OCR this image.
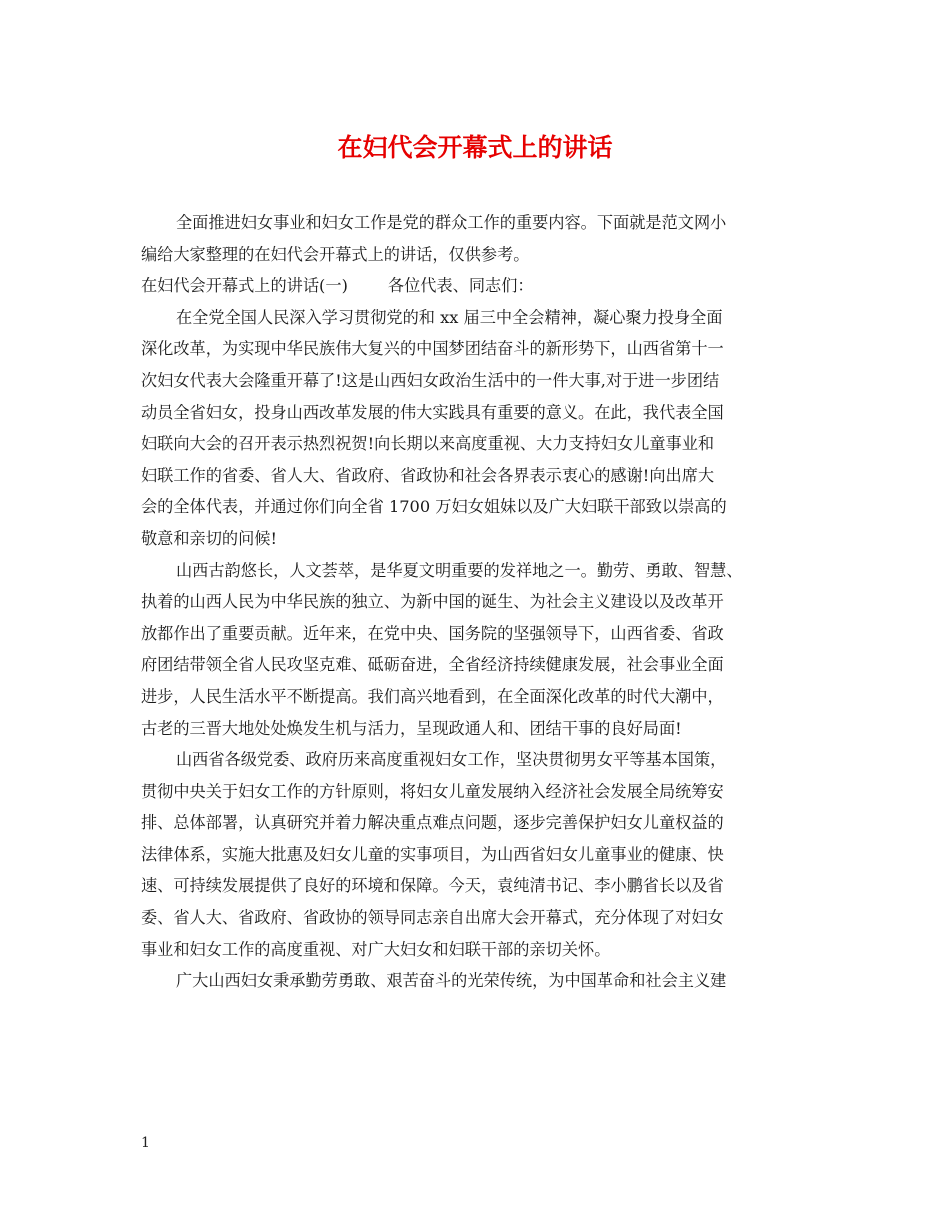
在妇代会开幕式上的讲话
全面推进妇女事业和妇女工作是党的群众工作的重要内容。下面就是范文网小
编给大家整理的在妇代会开幕式上的讲话，仅供参考。
在妇代会开幕式上的讲话(一) 各位代表、同志们：
在全党全国人民深入学习贯彻党的和 xx 届三中全会精神，凝心聚力投身全面
深化改革，为实现中华民族伟大复兴的中国梦团结奋斗的新形势下，山西省第十一
次妇女代表大会隆重开幕了!这是山西妇女政治生活中的一件大事,对于进一步团结
动员全省妇女，投身山西改革发展的伟大实践具有重要的意义。在此，我代表全国
妇联向大会的召开表示热烈祝贺!向长期以来高度重视、大力支持妇女儿童事业和
妇联工作的省委、省人大、省政府、省政协和社会各界表示衷心的感谢!向出席大
会的全体代表，并通过你们向全省 1700 万妇女姐妹以及广大妇联干部致以崇高的
敬意和亲切的问候!
山西古韵悠长，人文荟萃，是华夏文明重要的发祥地之一。勤劳、勇敢、智慧、
执着的山西人民为中华民族的独立、为新中国的诞生、为社会主义建设以及改革开
放都作出了重要贡献。近年来，在党中央、国务院的坚强领导下，山西省委、省政
府团结带领全省人民攻坚克难、砥砺奋进，全省经济持续健康发展，社会事业全面
进步，人民生活水平不断提高。我们高兴地看到，在全面深化改革的时代大潮中，
古老的三晋大地处处焕发生机与活力，呈现政通人和、团结干事的良好局面!
山西省各级党委、政府历来高度重视妇女工作，坚决贯彻男女平等基本国策，
贯彻中央关于妇女工作的方针原则，将妇女儿童发展纳入经济社会发展全局统筹安
排、总体部署，认真研究并着力解决重点难点问题，逐步完善保护妇女儿童权益的
法律体系，实施大批惠及妇女儿童的实事项目，为山西省妇女儿童事业的健康、快
速、可持续发展提供了良好的环境和保障。今天，袁纯清书记、李小鹏省长以及省
委、省人大、省政府、省政协的领导同志亲自出席大会开幕式，充分体现了对妇女
事业和妇女工作的高度重视、对广大妇女和妇联干部的亲切关怀。
广大山西妇女秉承勤劳勇敢、艰苦奋斗的光荣传统，为中国革命和社会主义建
1
